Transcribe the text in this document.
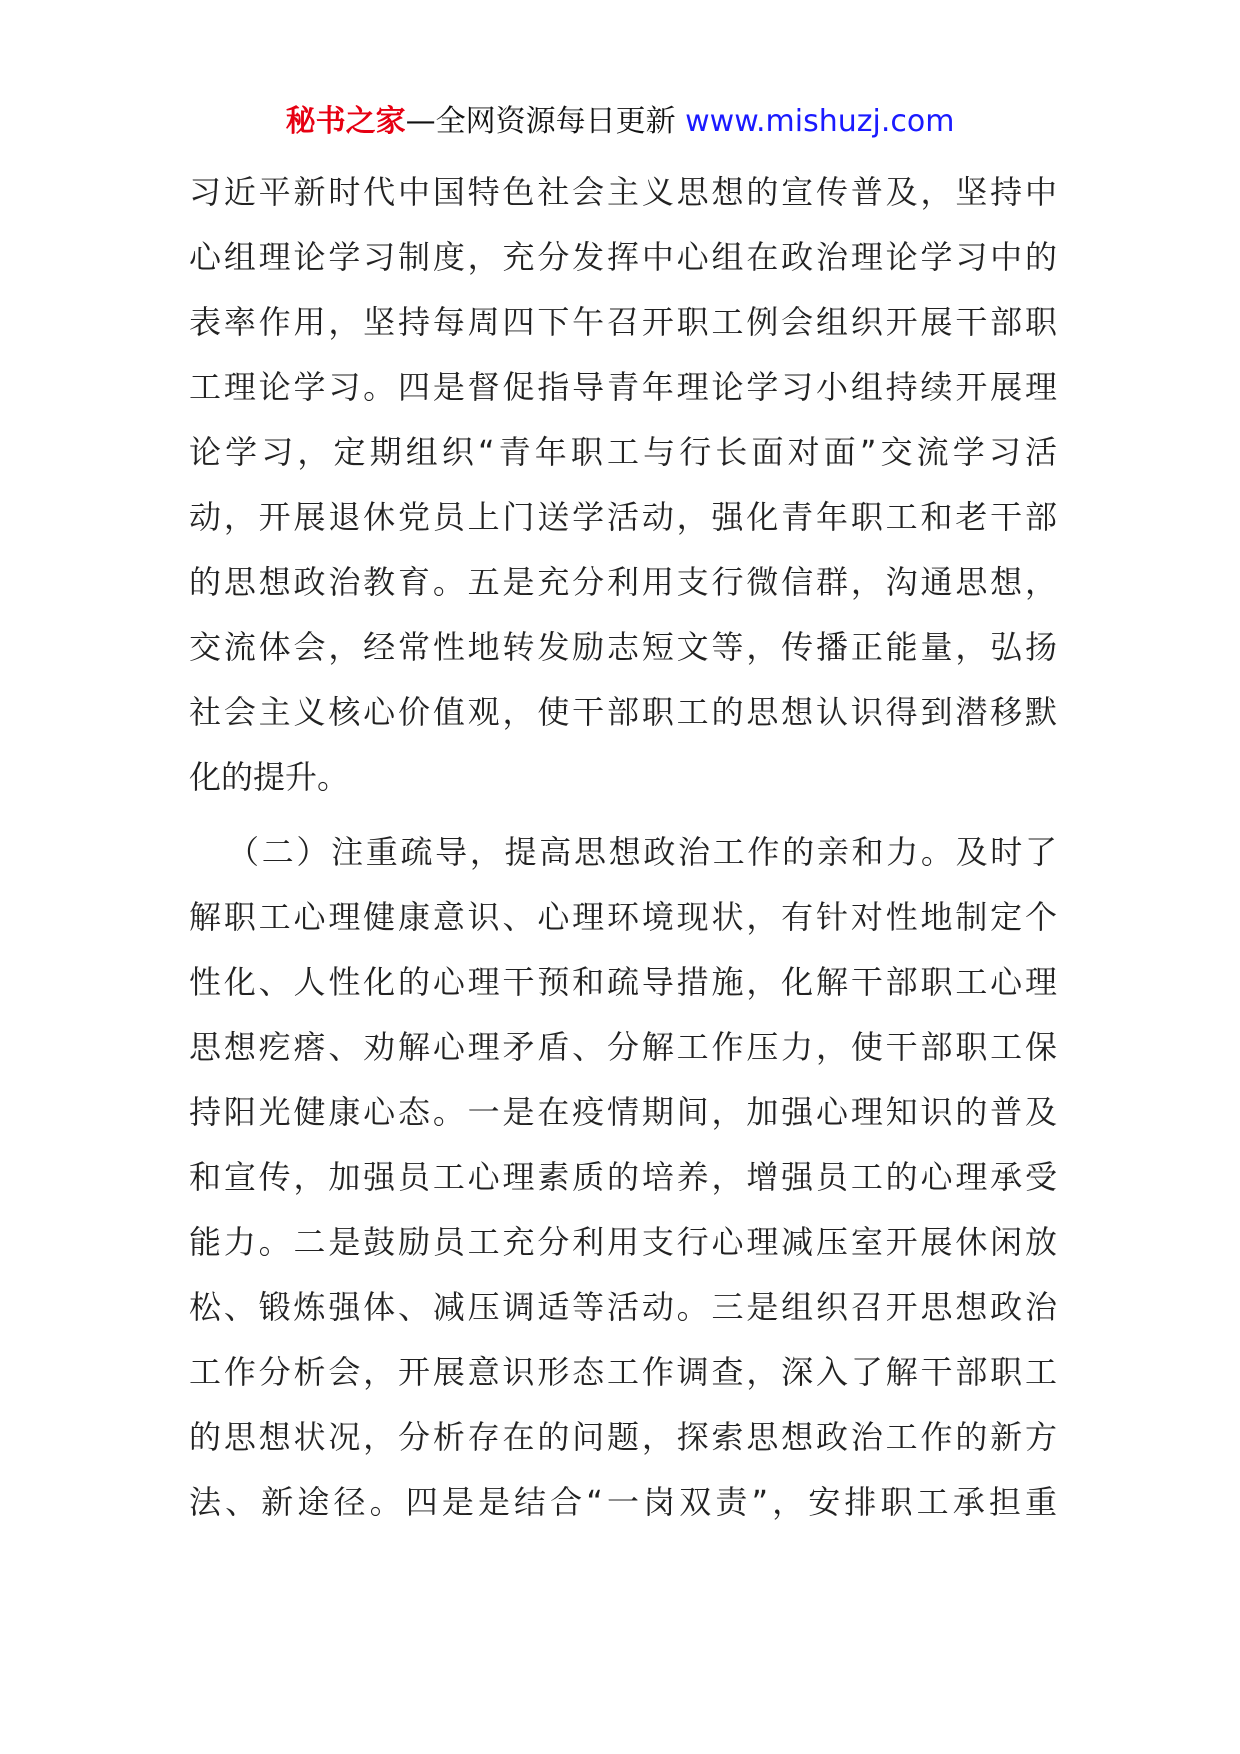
秘书之家—全网资源每日更新 www.mishuzj.com
习近平新时代中国特色社会主义思想的宣传普及，坚持中
心组理论学习制度，充分发挥中心组在政治理论学习中的
表率作用，坚持每周四下午召开职工例会组织开展干部职
工理论学习。四是督促指导青年理论学习小组持续开展理
论学习，定期组织“青年职工与行长面对面”交流学习活
动，开展退休党员上门送学活动，强化青年职工和老干部
的思想政治教育。五是充分利用支行微信群，沟通思想，
交流体会，经常性地转发励志短文等，传播正能量，弘扬
社会主义核心价值观，使干部职工的思想认识得到潜移默
化的提升。
（二）注重疏导，提高思想政治工作的亲和力。及时了
解职工心理健康意识、心理环境现状，有针对性地制定个
性化、人性化的心理干预和疏导措施，化解干部职工心理
思想疙瘩、劝解心理矛盾、分解工作压力，使干部职工保
持阳光健康心态。一是在疫情期间，加强心理知识的普及
和宣传，加强员工心理素质的培养，增强员工的心理承受
能力。二是鼓励员工充分利用支行心理减压室开展休闲放
松、锻炼强体、减压调适等活动。三是组织召开思想政治
工作分析会，开展意识形态工作调查，深入了解干部职工
的思想状况，分析存在的问题，探索思想政治工作的新方
法、新途径。四是是结合“一岗双责”，安排职工承担重
